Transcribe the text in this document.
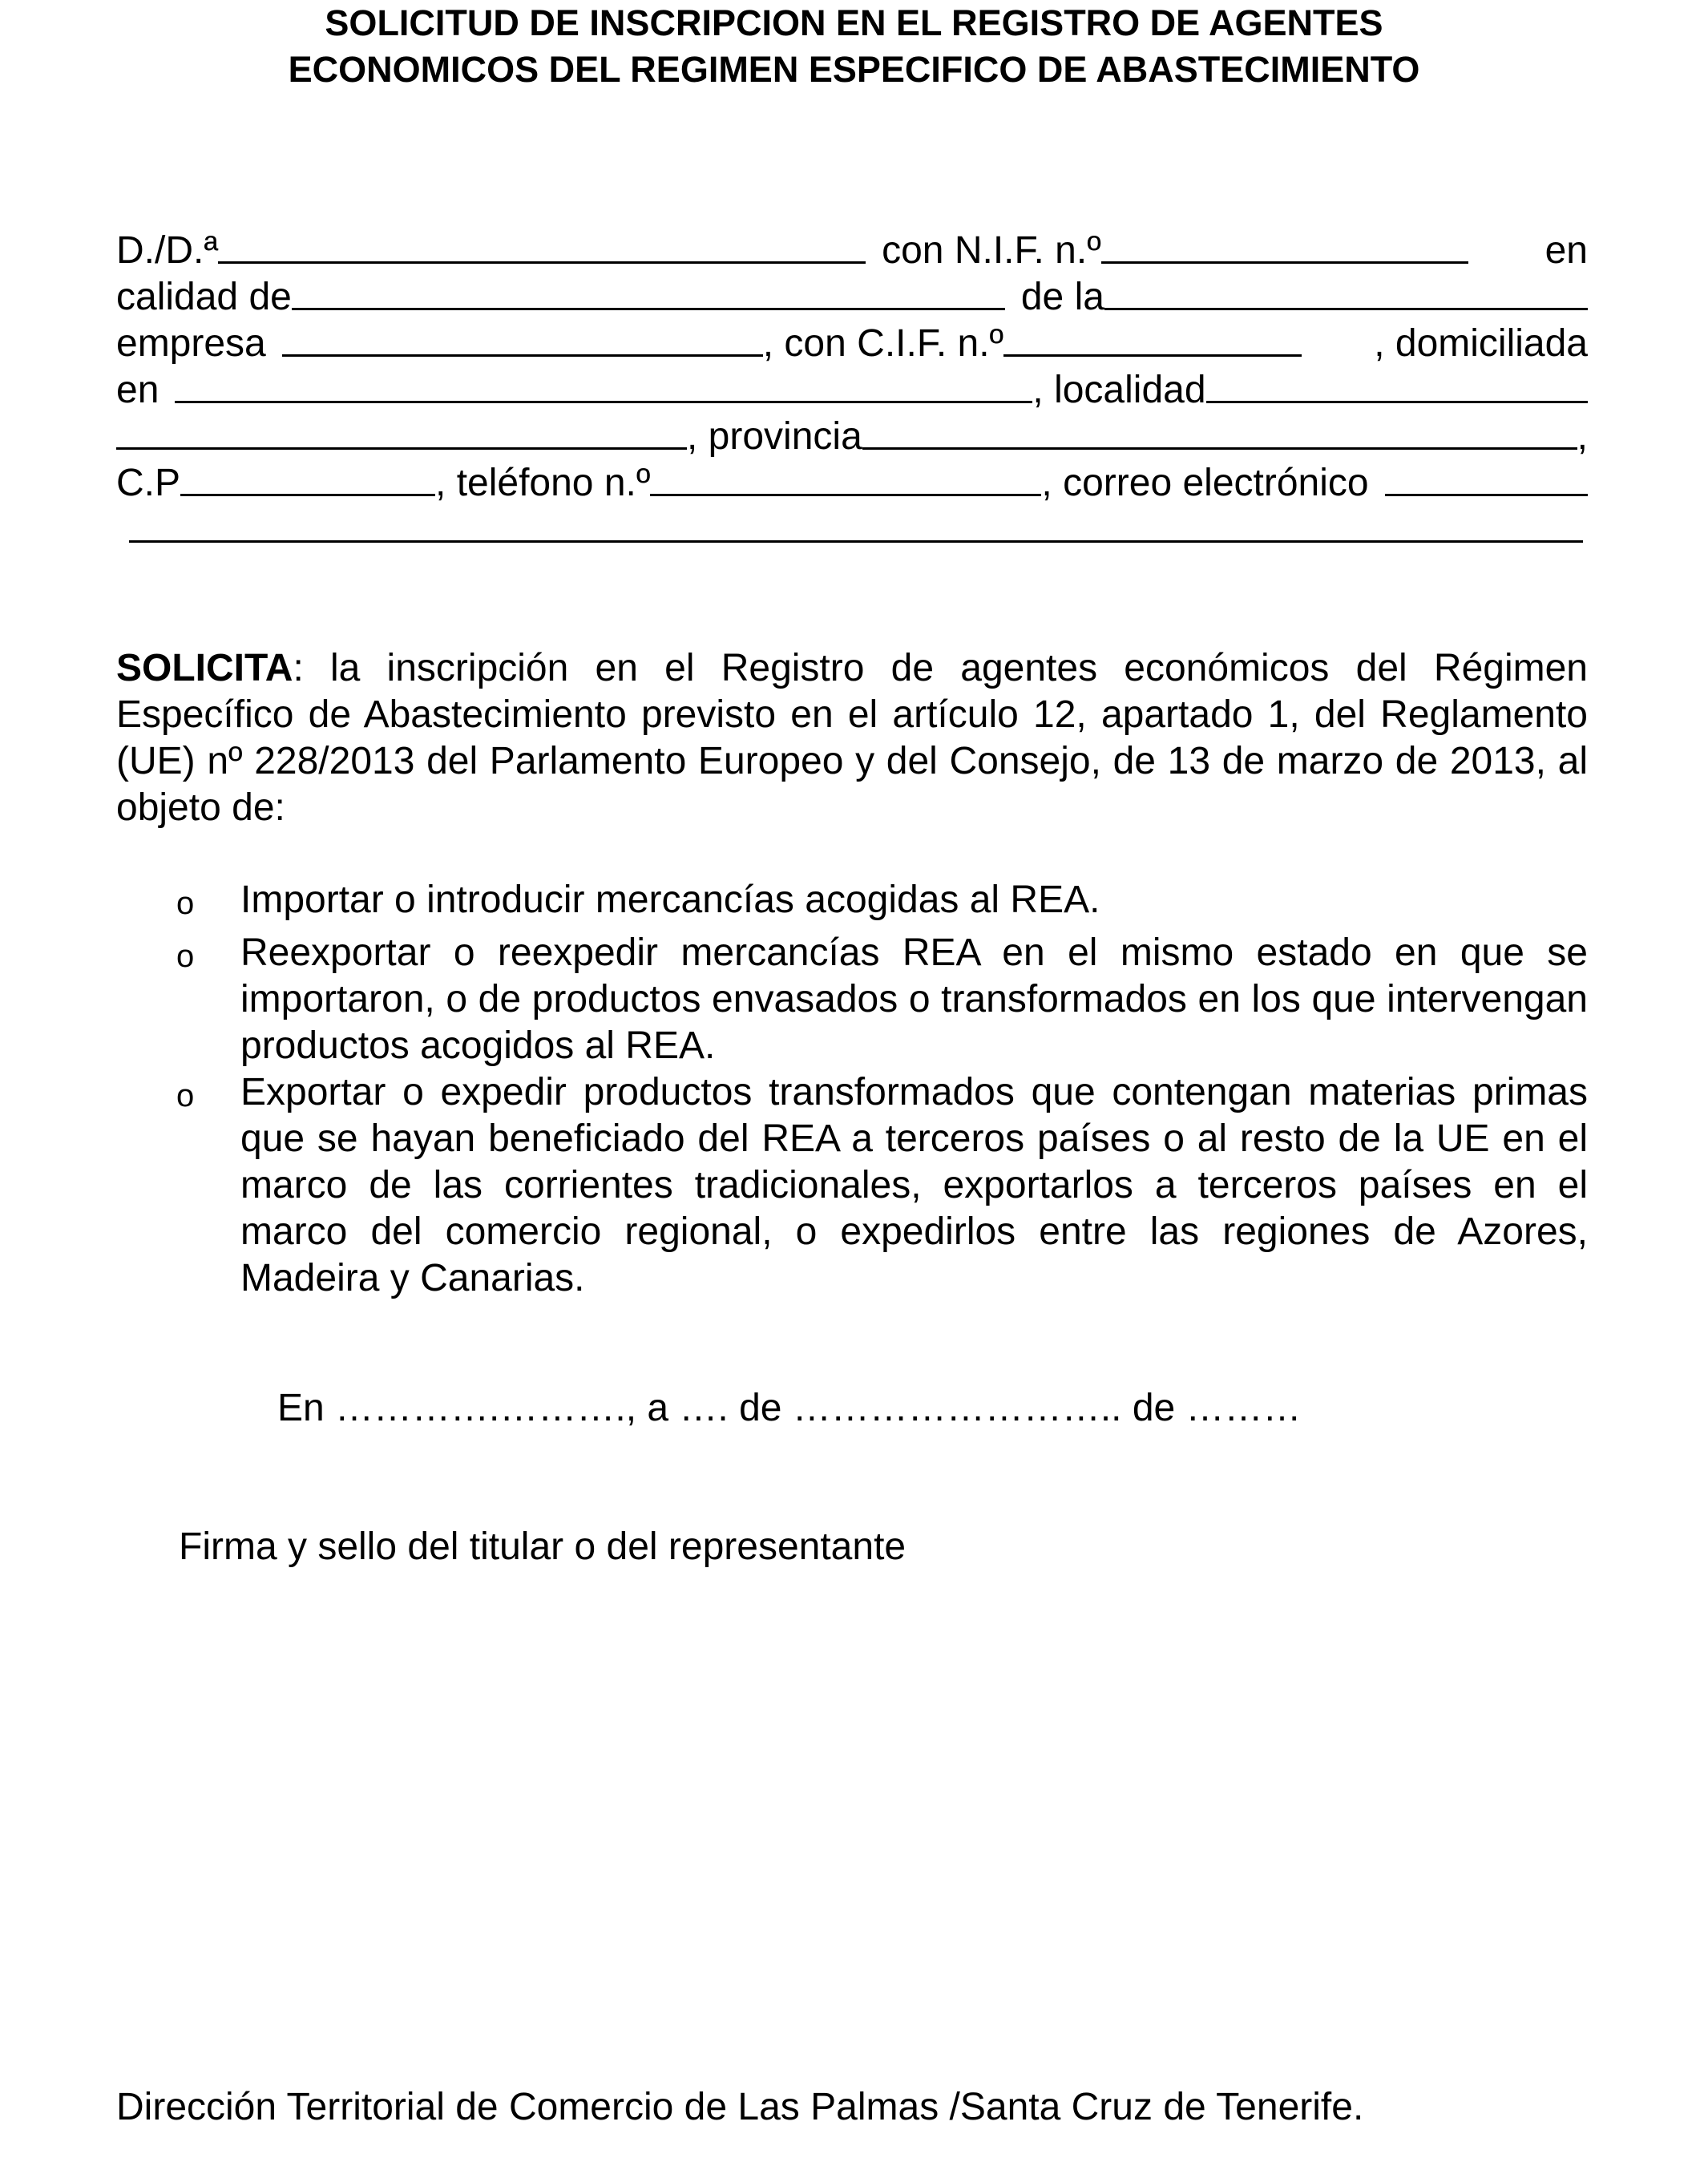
SOLICITUD DE INSCRIPCION EN EL REGISTRO DE AGENTES
ECONOMICOS DEL REGIMEN ESPECIFICO DE ABASTECIMIENTO
D./D.ª	con N.I.F. n.º	en
calidad de	de la
empresa	, con C.I.F. n.º	, domiciliada
en	, localidad
, provincia	,
C.P	, teléfono n.º	, correo electrónico
SOLICITA: la inscripción en el Registro de agentes económicos del Régimen Específico de Abastecimiento previsto en el artículo 12, apartado 1, del Reglamento (UE) nº 228/2013 del Parlamento Europeo y del Consejo, de 13 de marzo de 2013, al objeto de:
o	Importar o introducir mercancías acogidas al REA.
o	Reexportar o reexpedir mercancías REA en el mismo estado en que se importaron, o de productos envasados o transformados en los que intervengan productos acogidos al REA.
o	Exportar o expedir productos transformados que contengan materias primas que se hayan beneficiado del REA a terceros países o al resto de la UE en el marco de las corrientes tradicionales, exportarlos a terceros países en el marco del comercio regional, o expedirlos entre las regiones de Azores, Madeira y Canarias.
En ………….………., a …. de …………………….. de ………
Firma y sello del titular o del representante
Dirección Territorial de Comercio de Las Palmas /Santa Cruz de Tenerife.
